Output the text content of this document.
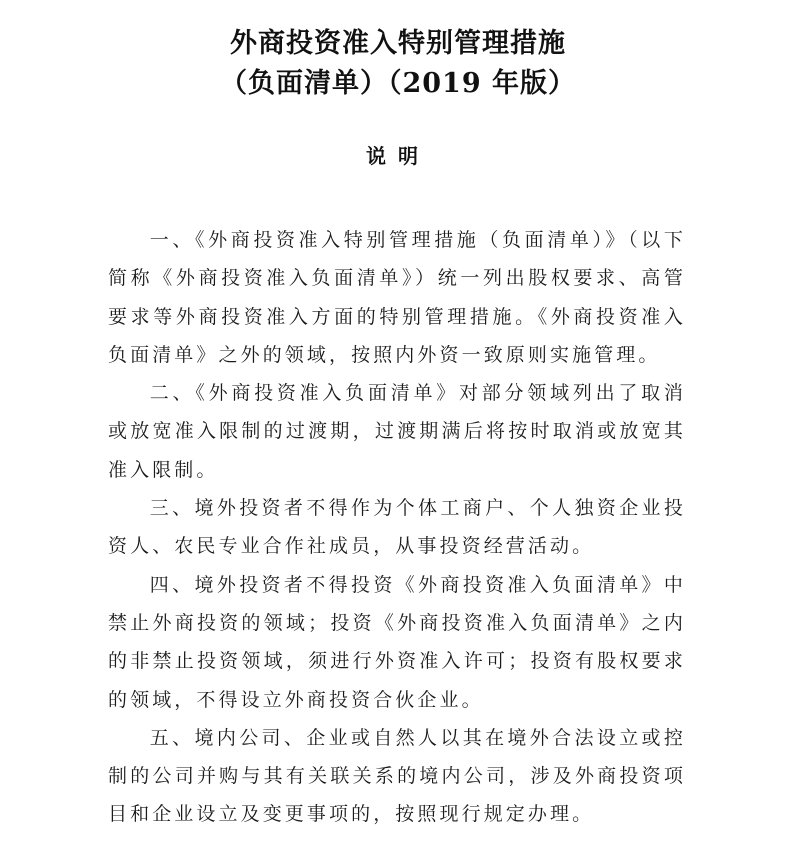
外商投资准入特别管理措施
（负面清单）（2019 年版）
说明

一、《外商投资准入特别管理措施（负面清单）》（以下简称《外商投资准入负面清单》）统一列出股权要求、高管要求等外商投资准入方面的特别管理措施。《外商投资准入负面清单》之外的领域，按照内外资一致原则实施管理。

二、《外商投资准入负面清单》对部分领域列出了取消或放宽准入限制的过渡期，过渡期满后将按时取消或放宽其准入限制。

三、境外投资者不得作为个体工商户、个人独资企业投资人、农民专业合作社成员，从事投资经营活动。

四、境外投资者不得投资《外商投资准入负面清单》中禁止外商投资的领域；投资《外商投资准入负面清单》之内的非禁止投资领域，须进行外资准入许可；投资有股权要求的领域，不得设立外商投资合伙企业。

五、境内公司、企业或自然人以其在境外合法设立或控制的公司并购与其有关联关系的境内公司，涉及外商投资项目和企业设立及变更事项的，按照现行规定办理。
